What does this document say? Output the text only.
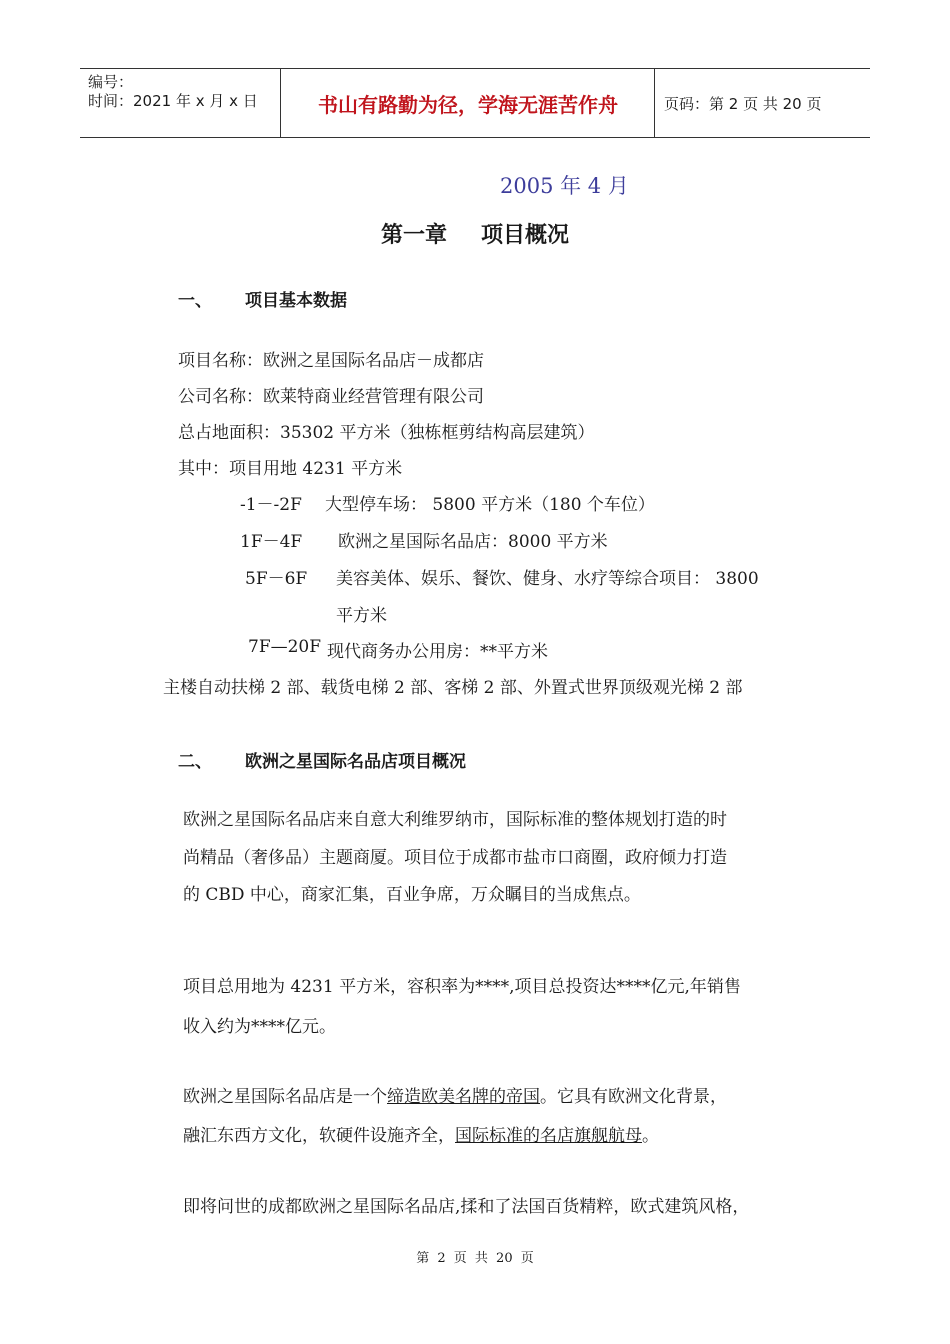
编号：
时间：2021 年 x 月 x 日	书山有路勤为径，学海无涯苦作舟	页码：第 2 页 共 20 页
2005 年 4 月
第一章 项目概况
一、 项目基本数据
项目名称：欧洲之星国际名品店－成都店
公司名称：欧莱特商业经营管理有限公司
总占地面积：35302 平方米（独栋框剪结构高层建筑）
其中：项目用地 4231 平方米
-1－-2F 大型停车场： 5800 平方米（180 个车位）
1F－4F 欧洲之星国际名品店：8000 平方米
5F－6F 美容美体、娱乐、餐饮、健身、水疗等综合项目： 3800
平方米
7F—20F 现代商务办公用房：**平方米
主楼自动扶梯 2 部、载货电梯 2 部、客梯 2 部、外置式世界顶级观光梯 2 部
二、 欧洲之星国际名品店项目概况
欧洲之星国际名品店来自意大利维罗纳市，国际标准的整体规划打造的时
尚精品（奢侈品）主题商厦。项目位于成都市盐市口商圈，政府倾力打造
的 CBD 中心，商家汇集，百业争席，万众瞩目的当成焦点。
项目总用地为 4231 平方米，容积率为****,项目总投资达****亿元,年销售
收入约为****亿元。
欧洲之星国际名品店是一个缔造欧美名牌的帝国。它具有欧洲文化背景，
融汇东西方文化，软硬件设施齐全，国际标准的名店旗舰航母。
即将问世的成都欧洲之星国际名品店,揉和了法国百货精粹，欧式建筑风格，
第 2 页 共 20 页
